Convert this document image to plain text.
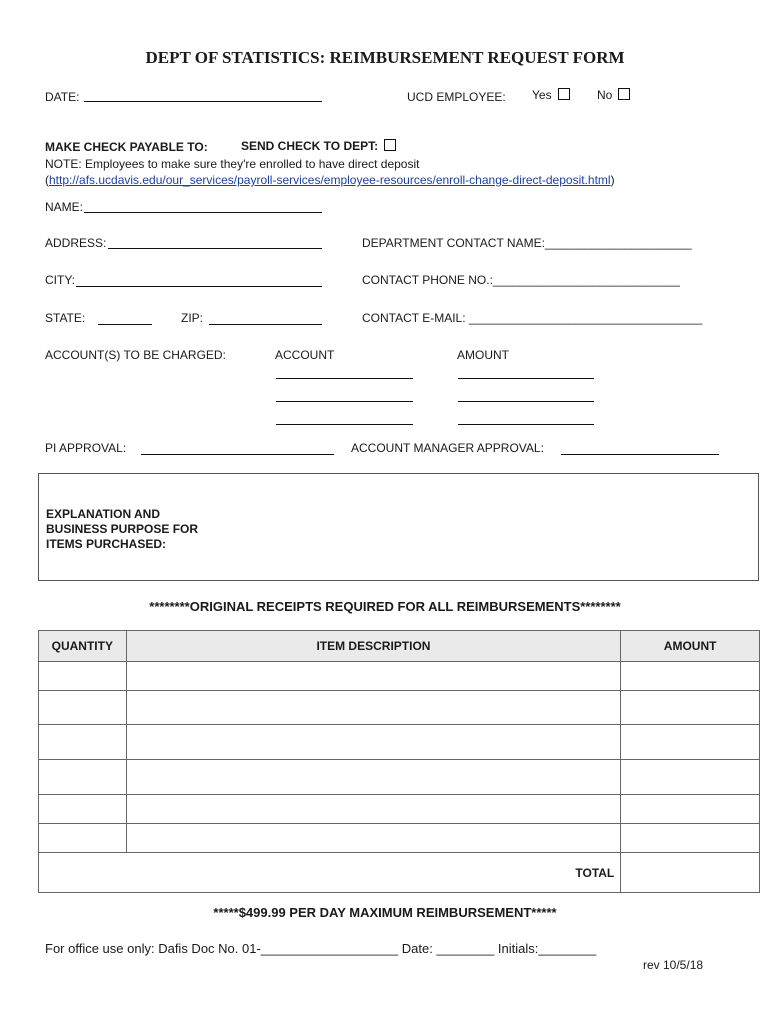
DEPT OF STATISTICS: REIMBURSEMENT REQUEST FORM
DATE:	UCD EMPLOYEE: Yes	No
MAKE CHECK PAYABLE TO:	SEND CHECK TO DEPT:
NOTE: Employees to make sure they're enrolled to have direct deposit
(http://afs.ucdavis.edu/our_services/payroll-services/employee-resources/enroll-change-direct-deposit.html)
NAME:
ADDRESS:	DEPARTMENT CONTACT NAME:______________________
CITY:	CONTACT PHONE NO.:____________________________
STATE:	ZIP:	CONTACT E-MAIL: ___________________________________
ACCOUNT(S) TO BE CHARGED:	ACCOUNT	AMOUNT
PI APPROVAL:	ACCOUNT MANAGER APPROVAL:
EXPLANATION AND
BUSINESS PURPOSE FOR
ITEMS PURCHASED:
********ORIGINAL RECEIPTS REQUIRED FOR ALL REIMBURSEMENTS********
QUANTITY	ITEM DESCRIPTION	AMOUNT

TOTAL		
*****$499.99 PER DAY MAXIMUM REIMBURSEMENT*****
For office use only: Dafis Doc No. 01-___________________ Date: ________ Initials:________
rev 10/5/18
